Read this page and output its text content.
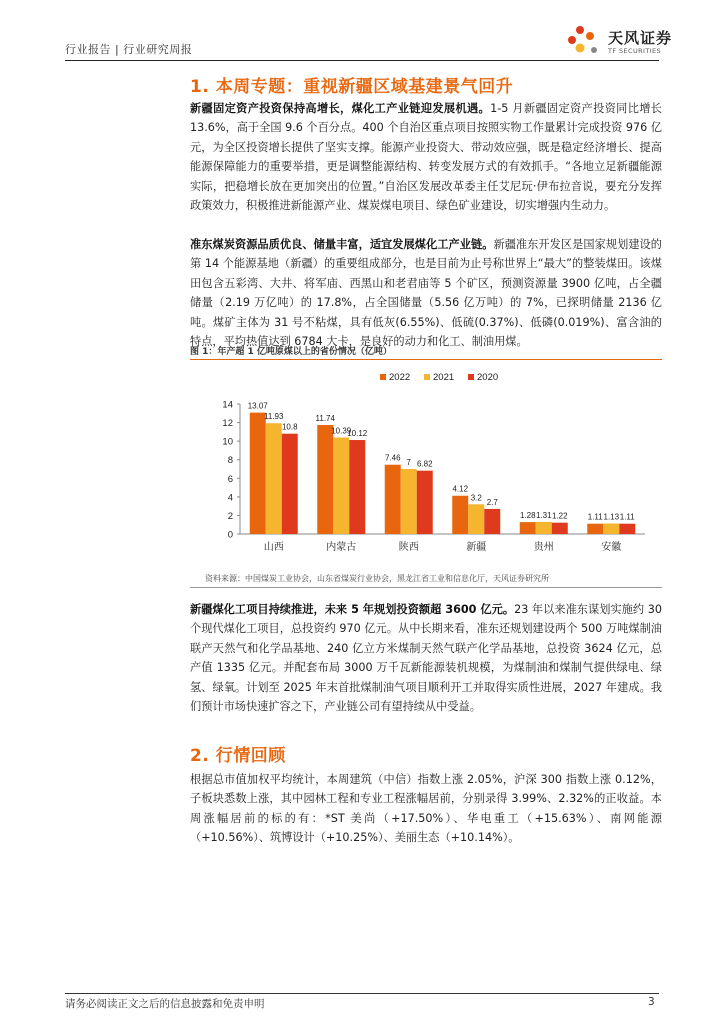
行业报告 | 行业研究周报
天风证券
TF SECURITIES
1. 本周专题：重视新疆区域基建景气回升
新疆固定资产投资保持高增长，煤化工产业链迎发展机遇。1-5 月新疆固定资产投资同比增长 13.6%，高于全国 9.6 个百分点。400 个自治区重点项目按照实物工作量累计完成投资 976 亿元，为全区投资增长提供了坚实支撑。能源产业投资大、带动效应强，既是稳定经济增长、提高能源保障能力的重要举措，更是调整能源结构、转变发展方式的有效抓手。“各地立足新疆能源实际，把稳增长放在更加突出的位置。”自治区发展改革委主任艾尼玩·伊布拉音说，要充分发挥政策效力，积极推进新能源产业、煤炭煤电项目、绿色矿业建设，切实增强内生动力。
准东煤炭资源品质优良、储量丰富，适宜发展煤化工产业链。新疆准东开发区是国家规划建设的第 14 个能源基地（新疆）的重要组成部分，也是目前为止号称世界上“最大”的整装煤田。该煤田包含五彩湾、大井、将军庙、西黑山和老君庙等 5 个矿区，预测资源量 3900 亿吨，占全疆储量（2.19 万亿吨）的 17.8%，占全国储量（5.56 亿万吨）的 7%，已探明储量 2136 亿吨。煤矿主体为 31 号不粘煤，具有低灰(6.55%)、低硫(0.37%)、低磷(0.019%)、富含油的特点，平均热值达到 6784 大卡，是良好的动力和化工、制油用煤。
图 1：年产超 1 亿吨原煤以上的省份情况（亿吨）
0
2
4
6
8
10
12
14
2022 2021 2020
13.07
11.93
10.8
山西
11.74
10.39
10.12
内蒙古
7.46 7 6.82
陕西
4.12
3.2
2.7
新疆
1.28 1.31 1.22
贵州
1.11 1.13 1.11
安徽
资料来源：中国煤炭工业协会，山东省煤炭行业协会，黑龙江省工业和信息化厅，天风证券研究所
新疆煤化工项目持续推进，未来 5 年规划投资额超 3600 亿元。23 年以来准东谋划实施约 30 个现代煤化工项目，总投资约 970 亿元。从中长期来看，准东还规划建设两个 500 万吨煤制油联产天然气和化学品基地、240 亿立方米煤制天然气联产化学品基地，总投资 3624 亿元，总产值 1335 亿元。并配套布局 3000 万千瓦新能源装机规模，为煤制油和煤制气提供绿电、绿氢、绿氧。计划至 2025 年末首批煤制油气项目顺利开工并取得实质性进展，2027 年建成。我们预计市场快速扩容之下，产业链公司有望持续从中受益。
2. 行情回顾
根据总市值加权平均统计，本周建筑（中信）指数上涨 2.05%，沪深 300 指数上涨 0.12%，子板块悉数上涨，其中园林工程和专业工程涨幅居前，分别录得 3.99%、2.32%的正收益。本周涨幅居前的标的有：*ST 美尚（+17.50%）、华电重工（+15.63%）、南网能源（+10.56%）、筑博设计（+10.25%）、美丽生态（+10.14%）。
请务必阅读正文之后的信息披露和免责申明	3
